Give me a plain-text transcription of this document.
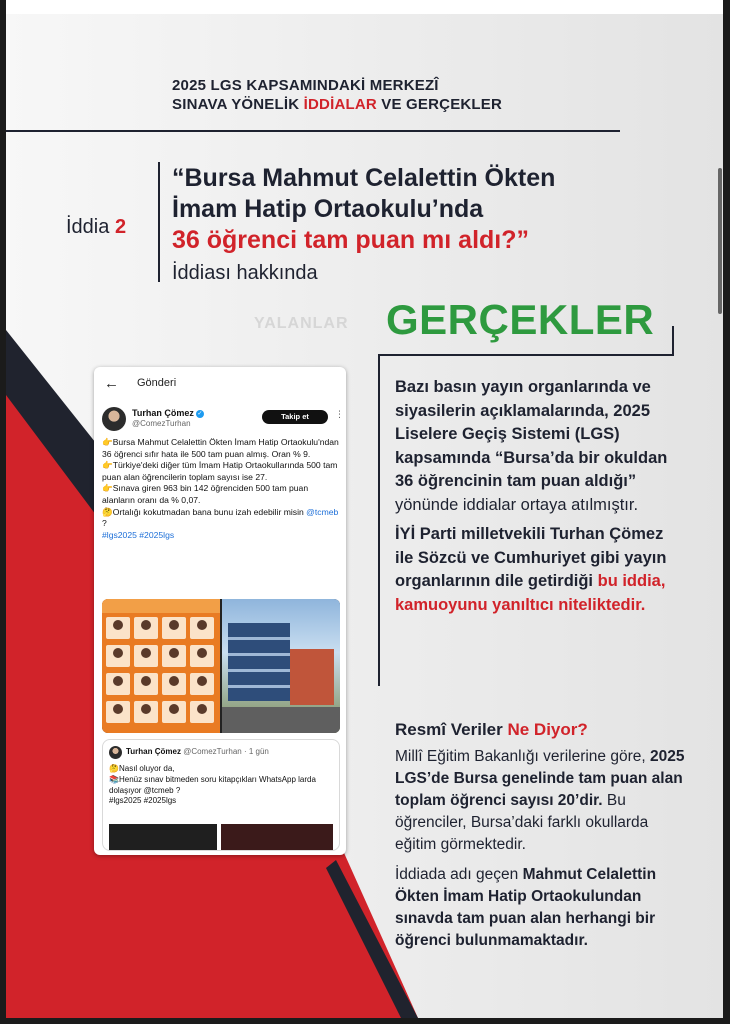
YALANLAR
2025 LGS KAPSAMINDAKİ MERKEZÎ
SINAVA YÖNELİK İDDİALAR VE GERÇEKLER
İddia 2
“Bursa Mahmut Celalettin Ökten
İmam Hatip Ortaokulu’nda
36 öğrenci tam puan mı aldı?”
İddiası hakkında
GERÇEKLER

Bazı basın yayın organlarında ve siyasilerin açıklamalarında, 2025 Liselere Geçiş Sistemi (LGS) kapsamında “Bursa’da bir okuldan 36 öğrencinin tam puan aldığı” yönünde iddialar ortaya atılmıştır.

İYİ Parti milletvekili Turhan Çömez ile Sözcü ve Cumhuriyet gibi yayın organlarının dile getirdiği bu iddia, kamuoyunu yanıltıcı niteliktedir.

Resmî Veriler Ne Diyor?

Millî Eğitim Bakanlığı verilerine göre, 2025 LGS’de Bursa genelinde tam puan alan toplam öğrenci sayısı 20’dir. Bu öğrenciler, Bursa’daki farklı okullarda eğitim görmektedir.

İddiada adı geçen Mahmut Celalettin Ökten İmam Hatip Ortaokulundan sınavda tam puan alan herhangi bir öğrenci bulunmamaktadır.

← Gönderi
Turhan Çömez ✓
@ComezTurhan
Takip et	⋮
👉Bursa Mahmut Celalettin Ökten İmam Hatip Ortaokulu'ndan 36 öğrenci sıfır hata ile 500 tam puan almış. Oran % 9.
👉Türkiye'deki diğer tüm İmam Hatip Ortaokullarında 500 tam puan alan öğrencilerin toplam sayısı ise 27.
👉Sınava giren 963 bin 142 öğrenciden 500 tam puan alanların oranı da % 0,07.
🤔Ortalığı kokutmadan bana bunu izah edebilir misin @tcmeb ?
#lgs2025 #2025lgs
Turhan Çömez @ComezTurhan · 1 gün
🤔Nasıl oluyor da,
📚Henüz sınav bitmeden soru kitapçıkları WhatsApp larda dolaşıyor @tcmeb ?
#lgs2025 #2025lgs
